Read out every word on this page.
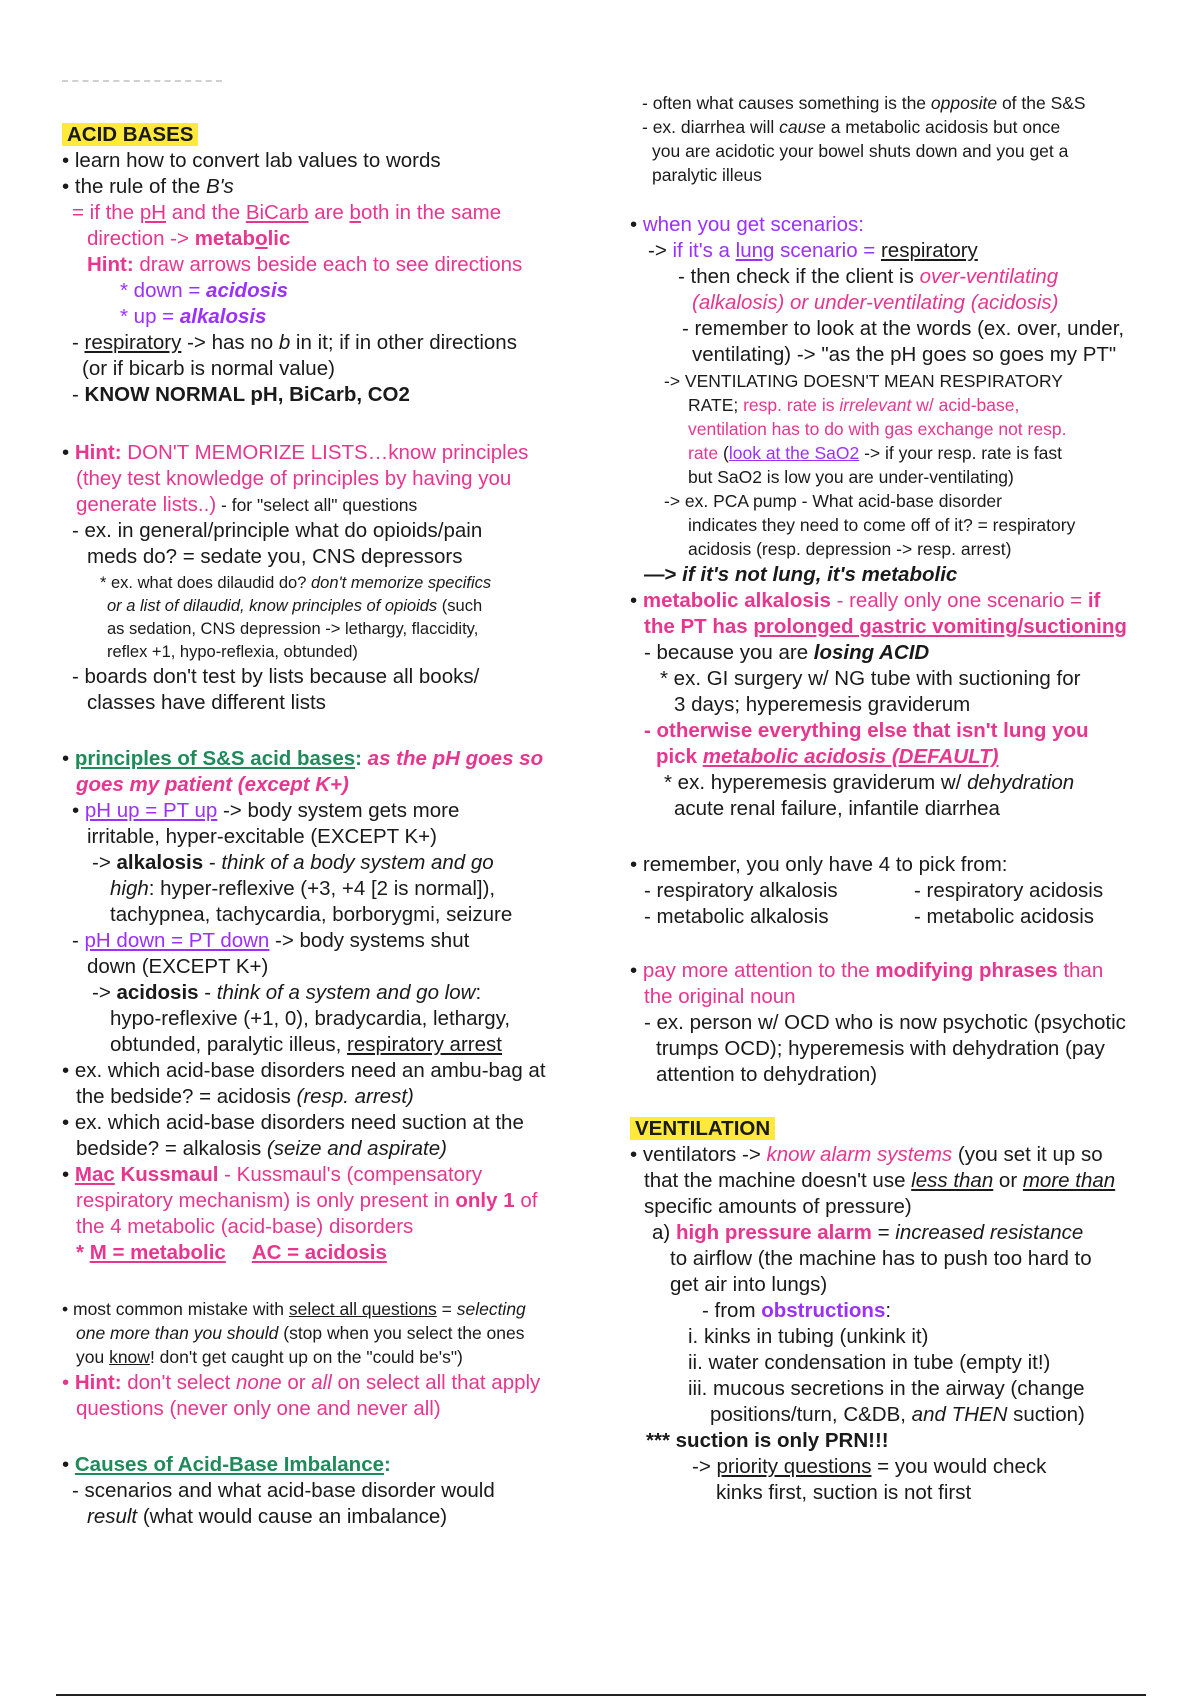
ACID BASES
• learn how to convert lab values to words
• the rule of the B's
= if the pH and the BiCarb are both in the same
direction -> metabolic
Hint: draw arrows beside each to see directions
* down = acidosis
* up = alkalosis
- respiratory -> has no b in it; if in other directions
(or if bicarb is normal value)
- KNOW NORMAL pH, BiCarb, CO2
• Hint: DON'T MEMORIZE LISTS…know principles
(they test knowledge of principles by having you
generate lists..) - for "select all" questions
- ex. in general/principle what do opioids/pain
meds do? = sedate you, CNS depressors
* ex. what does dilaudid do? don't memorize specifics
or a list of dilaudid, know principles of opioids (such
as sedation, CNS depression -> lethargy, flaccidity,
reflex +1, hypo-reflexia, obtunded)
- boards don't test by lists because all books/
classes have different lists
• principles of S&S acid bases: as the pH goes so
goes my patient (except K+)
• pH up = PT up -> body system gets more
irritable, hyper-excitable (EXCEPT K+)
-> alkalosis - think of a body system and go
high: hyper-reflexive (+3, +4 [2 is normal]),
tachypnea, tachycardia, borborygmi, seizure
- pH down = PT down -> body systems shut
down (EXCEPT K+)
-> acidosis - think of a system and go low:
hypo-reflexive (+1, 0), bradycardia, lethargy,
obtunded, paralytic illeus, respiratory arrest
• ex. which acid-base disorders need an ambu-bag at
the bedside? = acidosis (resp. arrest)
• ex. which acid-base disorders need suction at the
bedside? = alkalosis (seize and aspirate)
• Mac Kussmaul - Kussmaul's (compensatory
respiratory mechanism) is only present in only 1 of
the 4 metabolic (acid-base) disorders
* M = metabolic AC = acidosis
• most common mistake with select all questions = selecting
one more than you should (stop when you select the ones
you know! don't get caught up on the "could be's")
• Hint: don't select none or all on select all that apply
questions (never only one and never all)
• Causes of Acid-Base Imbalance:
- scenarios and what acid-base disorder would
result (what would cause an imbalance)
- often what causes something is the opposite of the S&S
- ex. diarrhea will cause a metabolic acidosis but once
you are acidotic your bowel shuts down and you get a
paralytic illeus
• when you get scenarios:
-> if it's a lung scenario = respiratory
- then check if the client is over-ventilating
(alkalosis) or under-ventilating (acidosis)
- remember to look at the words (ex. over, under,
ventilating) -> "as the pH goes so goes my PT"
-> VENTILATING DOESN'T MEAN RESPIRATORY
RATE; resp. rate is irrelevant w/ acid-base,
ventilation has to do with gas exchange not resp.
rate (look at the SaO2 -> if your resp. rate is fast
but SaO2 is low you are under-ventilating)
-> ex. PCA pump - What acid-base disorder
indicates they need to come off of it? = respiratory
acidosis (resp. depression -> resp. arrest)
—> if it's not lung, it's metabolic
• metabolic alkalosis - really only one scenario = if
the PT has prolonged gastric vomiting/suctioning
- because you are losing ACID
* ex. GI surgery w/ NG tube with suctioning for
3 days; hyperemesis graviderum
- otherwise everything else that isn't lung you
pick metabolic acidosis (DEFAULT)
* ex. hyperemesis graviderum w/ dehydration
acute renal failure, infantile diarrhea
• remember, you only have 4 to pick from:
- respiratory alkalosis	- respiratory acidosis
- metabolic alkalosis	- metabolic acidosis
• pay more attention to the modifying phrases than
the original noun
- ex. person w/ OCD who is now psychotic (psychotic
trumps OCD); hyperemesis with dehydration (pay
attention to dehydration)
VENTILATION
• ventilators -> know alarm systems (you set it up so
that the machine doesn't use less than or more than
specific amounts of pressure)
a) high pressure alarm = increased resistance
to airflow (the machine has to push too hard to
get air into lungs)
- from obstructions:
i. kinks in tubing (unkink it)
ii. water condensation in tube (empty it!)
iii. mucous secretions in the airway (change
positions/turn, C&DB, and THEN suction)
*** suction is only PRN!!!
-> priority questions = you would check
kinks first, suction is not first
